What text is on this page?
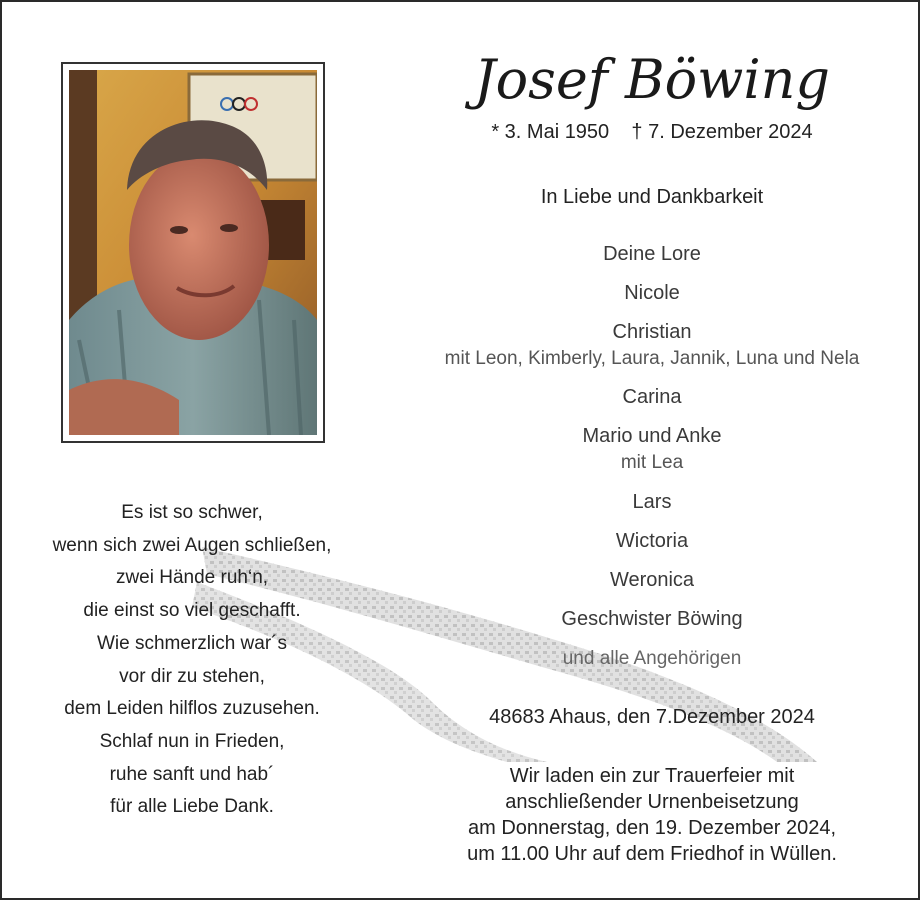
Josef Böwing
* 3. Mai 1950 † 7. Dezember 2024
In Liebe und Dankbarkeit
Deine Lore
Nicole
Christian
mit Leon, Kimberly, Laura, Jannik, Luna und Nela
Carina
Mario und Anke
mit Lea
Lars
Wictoria
Weronica
Geschwister Böwing
und alle Angehörigen
48683 Ahaus, den 7.Dezember 2024
Wir laden ein zur Trauerfeier mit
anschließender Urnenbeisetzung
am Donnerstag, den 19. Dezember 2024,
um 11.00 Uhr auf dem Friedhof in Wüllen.
Es ist so schwer,
wenn sich zwei Augen schließen,
zwei Hände ruh‘n,
die einst so viel geschafft.
Wie schmerzlich war´s
vor dir zu stehen,
dem Leiden hilflos zuzusehen.
Schlaf nun in Frieden,
ruhe sanft und hab´
für alle Liebe Dank.
